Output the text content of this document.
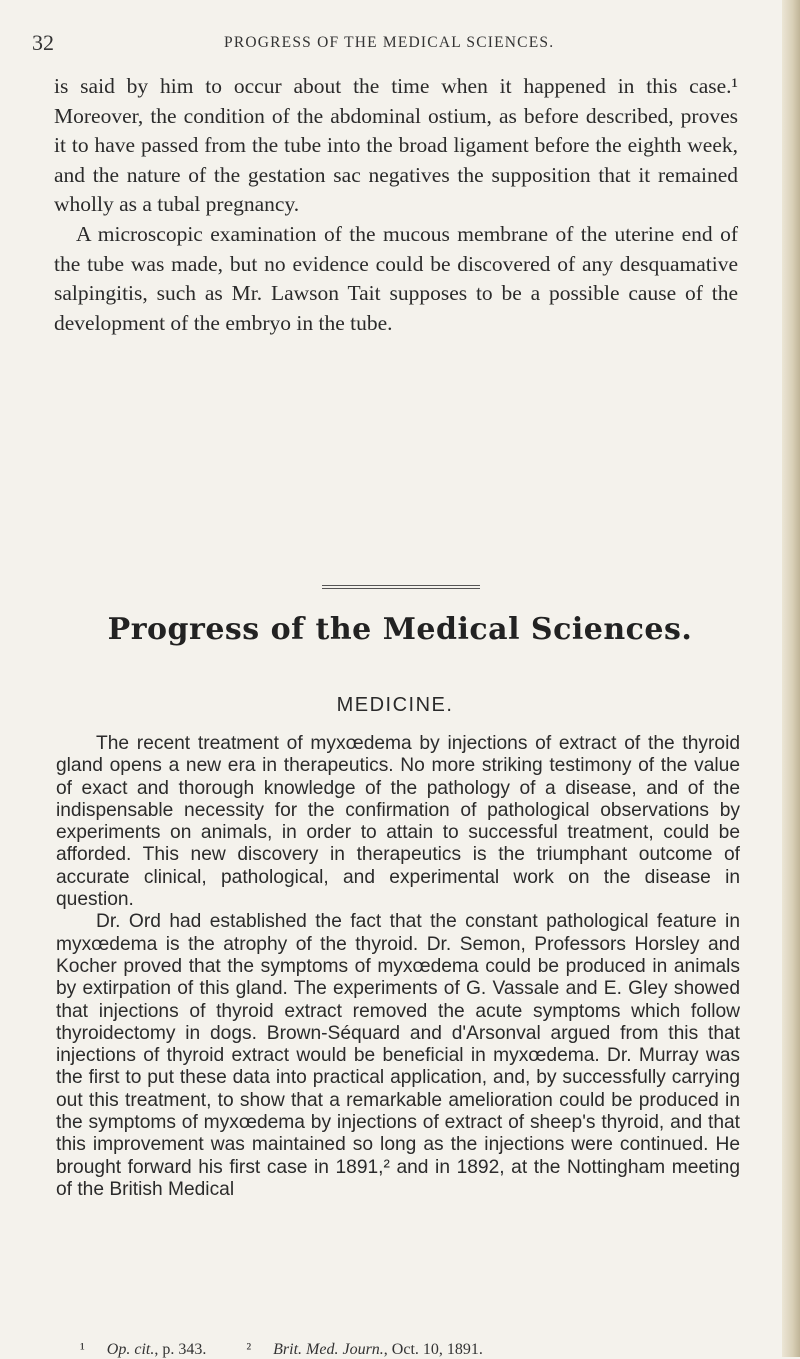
32	PROGRESS OF THE MEDICAL SCIENCES.

is said by him to occur about the time when it happened in this case.¹ Moreover, the condition of the abdominal ostium, as before described, proves it to have passed from the tube into the broad ligament before the eighth week, and the nature of the gestation sac negatives the supposition that it remained wholly as a tubal pregnancy.

A microscopic examination of the mucous membrane of the uterine end of the tube was made, but no evidence could be discovered of any desquamative salpingitis, such as Mr. Lawson Tait supposes to be a possible cause of the development of the embryo in the tube.

Progress of the Medical Sciences.
MEDICINE.

The recent treatment of myxœdema by injections of extract of the thyroid gland opens a new era in therapeutics. No more striking testimony of the value of exact and thorough knowledge of the pathology of a disease, and of the indispensable necessity for the confirmation of pathological observations by experiments on animals, in order to attain to successful treatment, could be afforded. This new discovery in therapeutics is the triumphant outcome of accurate clinical, pathological, and experimental work on the disease in question.

Dr. Ord had established the fact that the constant pathological feature in myxœdema is the atrophy of the thyroid. Dr. Semon, Professors Horsley and Kocher proved that the symptoms of myxœdema could be produced in animals by extirpation of this gland. The experiments of G. Vassale and E. Gley showed that injections of thyroid extract removed the acute symptoms which follow thyroidectomy in dogs. Brown-Séquard and d'Arsonval argued from this that injections of thyroid extract would be beneficial in myxœdema. Dr. Murray was the first to put these data into practical application, and, by successfully carrying out this treatment, to show that a remarkable amelioration could be produced in the symptoms of myxœdema by injections of extract of sheep's thyroid, and that this improvement was maintained so long as the injections were continued. He brought forward his first case in 1891,² and in 1892, at the Nottingham meeting of the British Medical

¹ Op. cit., p. 343.	² Brit. Med. Journ., Oct. 10, 1891.
